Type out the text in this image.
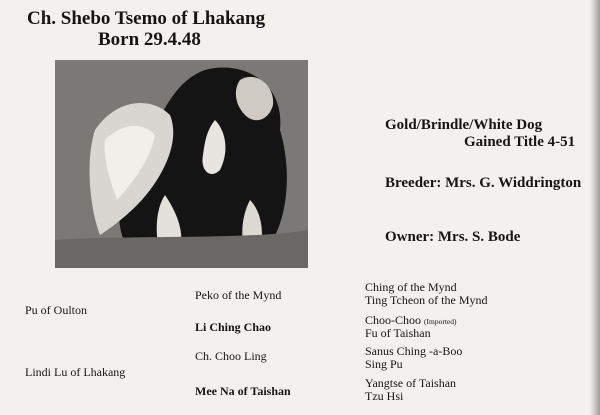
Ch. Shebo Tsemo of Lhakang
Born 29.4.48
Gold/Brindle/White Dog
Gained Title 4-51
Breeder: Mrs. G. Widdrington
Owner: Mrs. S. Bode
Pu of Oulton
Lindi Lu of Lhakang
Peko of the Mynd
Li Ching Chao
Ch. Choo Ling
Mee Na of Taishan
Ching of the Mynd
Ting Tcheon of the Mynd
Choo-Choo (Imported)
Fu of Taishan
Sanus Ching -a-Boo
Sing Pu
Yangtse of Taishan
Tzu Hsi
